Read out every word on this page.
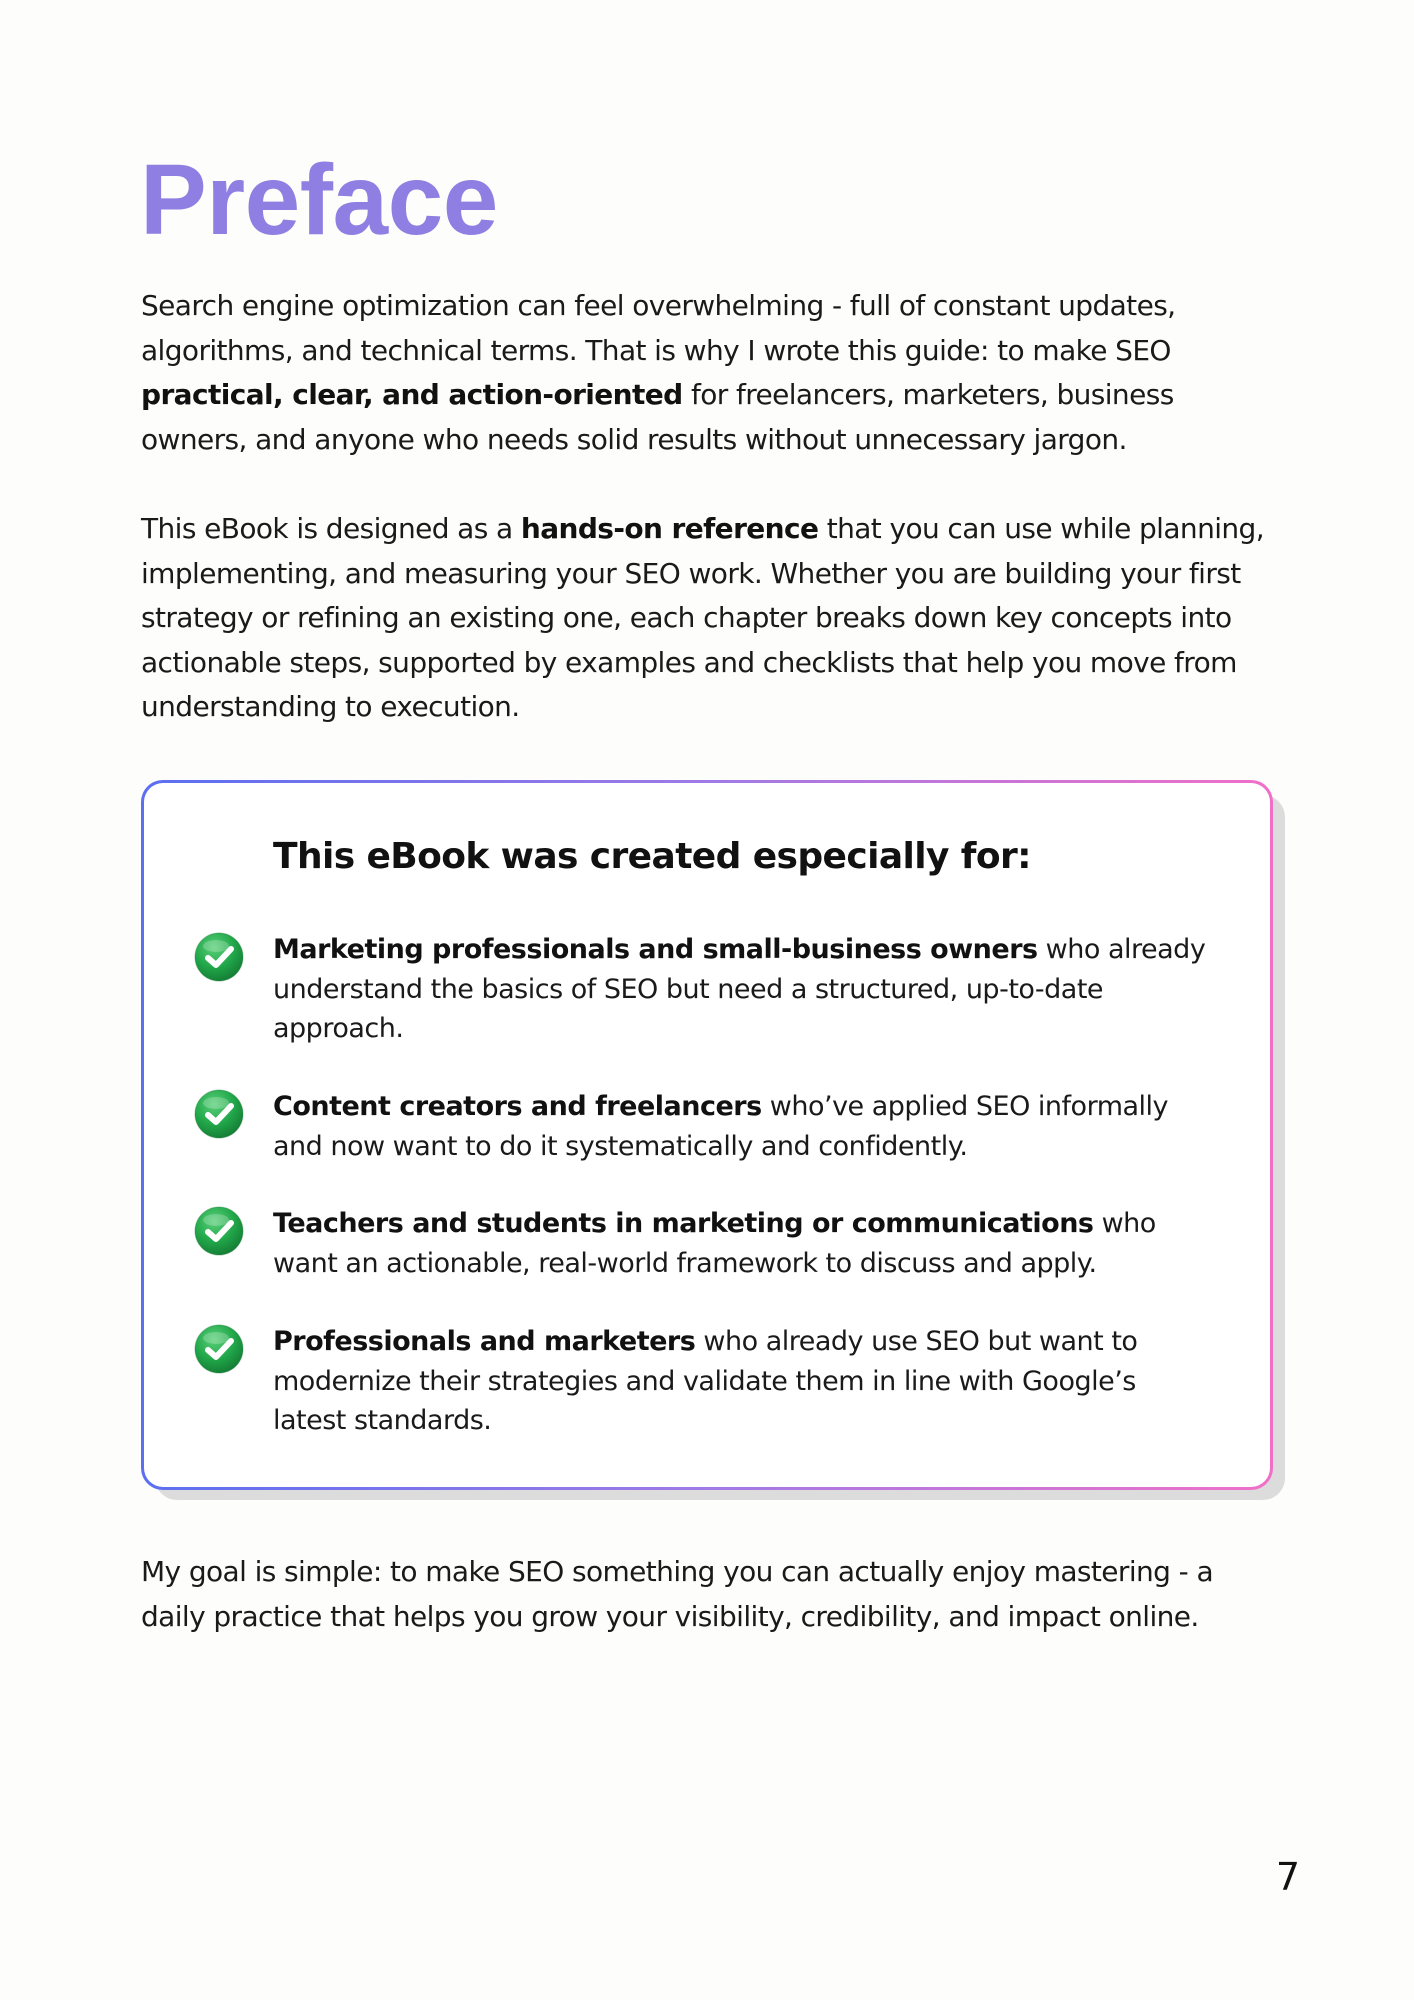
Preface

Search engine optimization can feel overwhelming - full of constant updates, algorithms, and technical terms. That is why I wrote this guide: to make SEO practical, clear, and action-oriented for freelancers, marketers, business owners, and anyone who needs solid results without unnecessary jargon.

This eBook is designed as a hands-on reference that you can use while planning, implementing, and measuring your SEO work. Whether you are building your first strategy or refining an existing one, each chapter breaks down key concepts into actionable steps, supported by examples and checklists that help you move from understanding to execution.

This eBook was created especially for:

Marketing professionals and small-business owners who already understand the basics of SEO but need a structured, up-to-date approach.

Content creators and freelancers who’ve applied SEO informally and now want to do it systematically and confidently.

Teachers and students in marketing or communications who want an actionable, real-world framework to discuss and apply.

Professionals and marketers who already use SEO but want to modernize their strategies and validate them in line with Google’s latest standards.

My goal is simple: to make SEO something you can actually enjoy mastering - a daily practice that helps you grow your visibility, credibility, and impact online.

7
